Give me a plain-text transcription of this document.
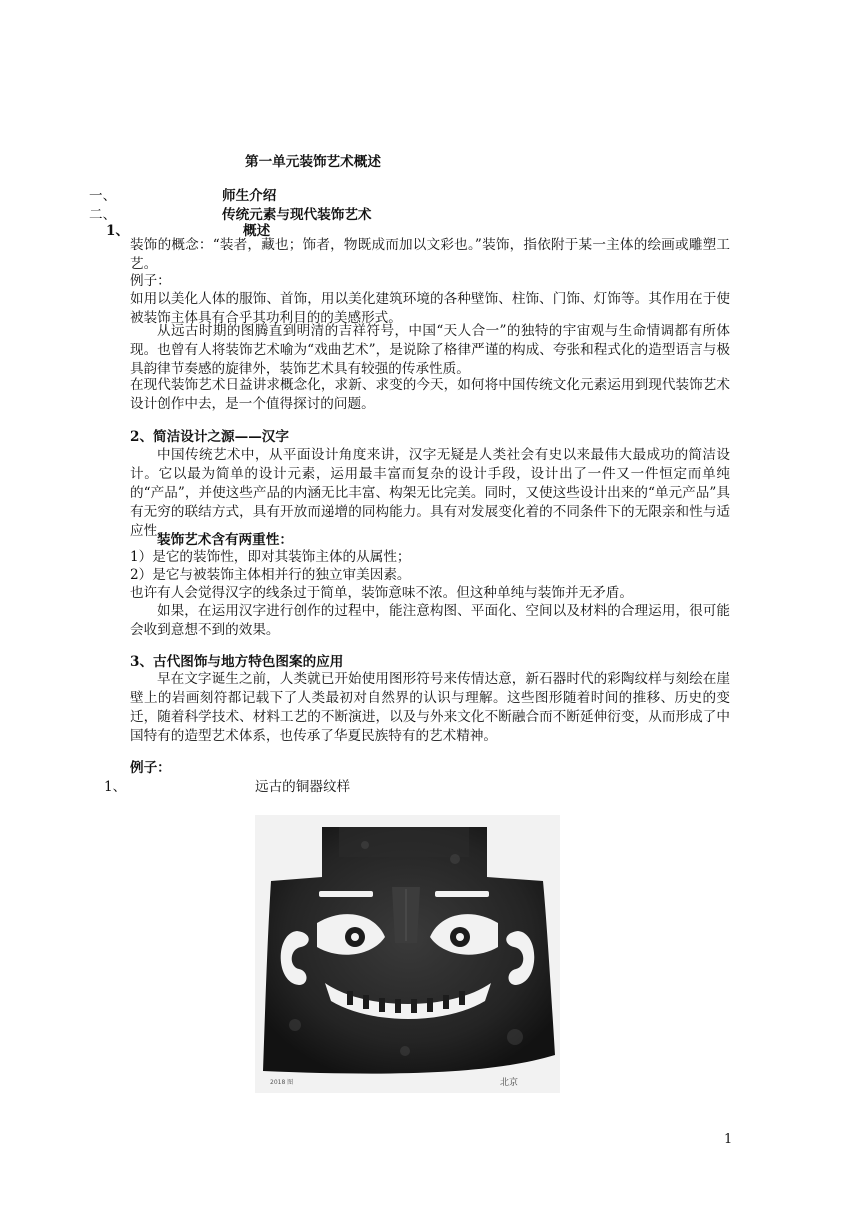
第一单元装饰艺术概述
一、	师生介绍
二、	传统元素与现代装饰艺术
1、	概述
装饰的概念：“装者，藏也；饰者，物既成而加以文彩也。”装饰，指依附于某一主体的绘画或雕塑工艺。
例子：
如用以美化人体的服饰、首饰，用以美化建筑环境的各种壁饰、柱饰、门饰、灯饰等。其作用在于使被装饰主体具有合乎其功利目的的美感形式。
从远古时期的图腾直到明清的吉祥符号，中国“天人合一”的独特的宇宙观与生命情调都有所体现。也曾有人将装饰艺术喻为“戏曲艺术”，是说除了格律严谨的构成、夸张和程式化的造型语言与极具韵律节奏感的旋律外，装饰艺术具有较强的传承性质。
在现代装饰艺术日益讲求概念化，求新、求变的今天，如何将中国传统文化元素运用到现代装饰艺术设计创作中去，是一个值得探讨的问题。
2、简洁设计之源——汉字
中国传统艺术中，从平面设计角度来讲，汉字无疑是人类社会有史以来最伟大最成功的简洁设计。它以最为简单的设计元素，运用最丰富而复杂的设计手段，设计出了一件又一件恒定而单纯的“产品”，并使这些产品的内涵无比丰富、构架无比完美。同时，又使这些设计出来的“单元产品”具有无穷的联结方式，具有开放而递增的同构能力。具有对发展变化着的不同条件下的无限亲和性与适应性。
装饰艺术含有两重性：
1）是它的装饰性，即对其装饰主体的从属性；
2）是它与被装饰主体相并行的独立审美因素。
也许有人会觉得汉字的线条过于简单，装饰意味不浓。但这种单纯与装饰并无矛盾。
如果，在运用汉字进行创作的过程中，能注意构图、平面化、空间以及材料的合理运用，很可能会收到意想不到的效果。
3、古代图饰与地方特色图案的应用
早在文字诞生之前，人类就已开始使用图形符号来传情达意，新石器时代的彩陶纹样与刻绘在崖壁上的岩画刻符都记载下了人类最初对自然界的认识与理解。这些图形随着时间的推移、历史的变迁，随着科学技术、材料工艺的不断演进，以及与外来文化不断融合而不断延伸衍变，从而形成了中国特有的造型艺术体系，也传承了华夏民族特有的艺术精神。
例子：
1、	远古的铜器纹样
2018 图	北京
1
